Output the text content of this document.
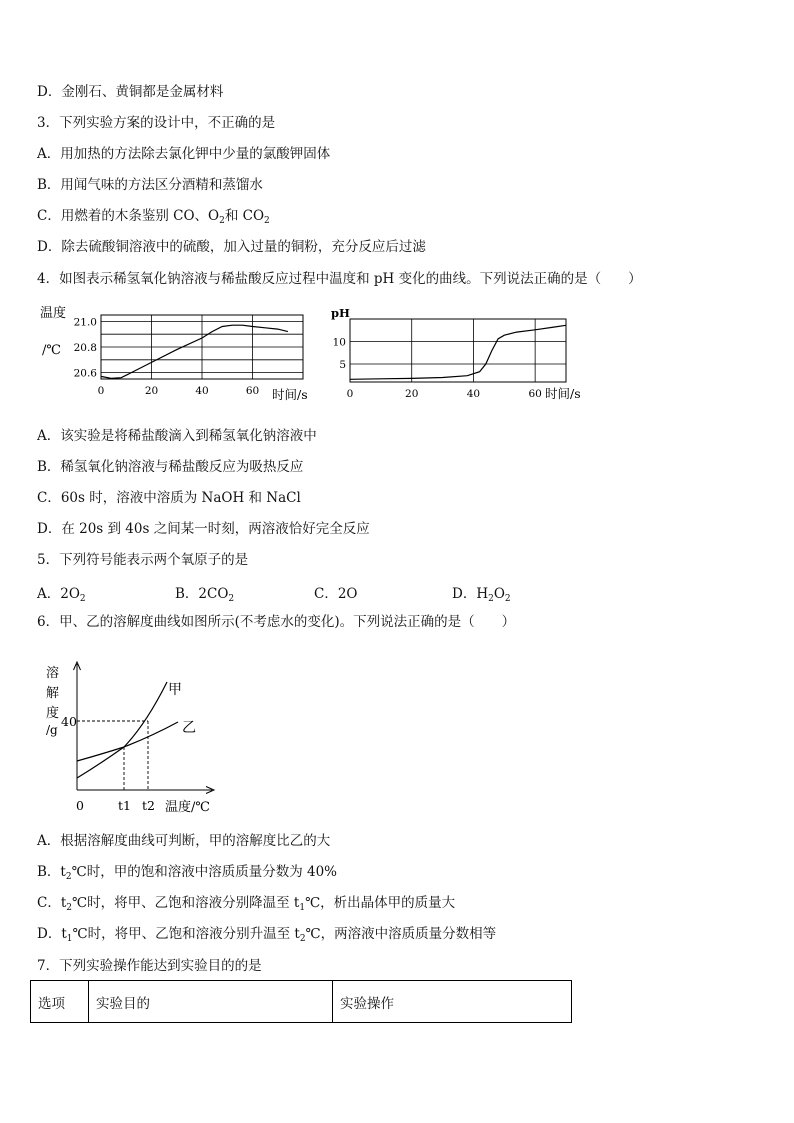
D．金刚石、黄铜都是金属材料
3．下列实验方案的设计中，不正确的是
A．用加热的方法除去氯化钾中少量的氯酸钾固体
B．用闻气味的方法区分酒精和蒸馏水
C．用燃着的木条鉴别 CO、$O_2$和 $CO_2$
D．除去硫酸铜溶液中的硫酸，加入过量的铜粉，充分反应后过滤
4．如图表示稀氢氧化钠溶液与稀盐酸反应过程中温度和 pH 变化的曲线。下列说法正确的是（　　）
20.6
20.8
21.0
0	20	40	60
温度
/℃
时间/s
5
10
0	20	40	60
pH
时间/s
A．该实验是将稀盐酸滴入到稀氢氧化钠溶液中
B．稀氢氧化钠溶液与稀盐酸反应为吸热反应
C．60s 时，溶液中溶质为 NaOH 和 NaCl
D．在 20s 到 40s 之间某一时刻，两溶液恰好完全反应
5．下列符号能表示两个氧原子的是
A．$2O_2$	B．$2CO_2$	C．2O	D．$H_2O_2$
6．甲、乙的溶解度曲线如图所示(不考虑水的变化)。下列说法正确的是（　　）
溶
解
度
/g
40
0	t1 t2 温度/℃
甲
乙
A．根据溶解度曲线可判断，甲的溶解度比乙的大
B．$t_2℃$时，甲的饱和溶液中溶质质量分数为 40%
C．$t_2℃$时，将甲、乙饱和溶液分别降温至 $t_1℃$，析出晶体甲的质量大
D．$t_1℃$时，将甲、乙饱和溶液分别升温至 $t_2℃$，两溶液中溶质质量分数相等
7．下列实验操作能达到实验目的的是
选项	实验目的	实验操作
